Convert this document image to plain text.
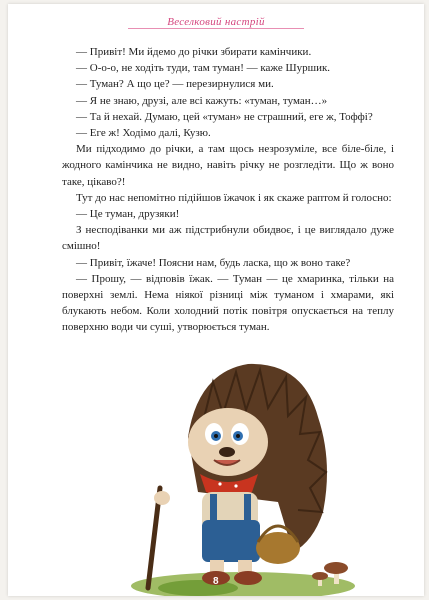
Веселковий настрій

— Привіт! Ми йдемо до річки збирати камінчики.

— О-о-о, не ходіть туди, там туман! — каже Шуршик.

— Туман? А що це? — перезирнулися ми.

— Я не знаю, друзі, але всі кажуть: «туман, туман…»

— Та й нехай. Думаю, цей «туман» не страшний, еге ж, Тоффі?

— Еге ж! Ходімо далі, Кузю.

Ми підходимо до річки, а там щось незрозуміле, все біле-біле, і жодного камінчика не видно, навіть річку не розгледіти. Що ж воно таке, цікаво?!

Тут до нас непомітно підійшов їжачок і як скаже раптом й голосно:

— Це туман, друзяки!

З несподіванки ми аж підстрибнули обидвоє, і це виглядало дуже смішно!

— Привіт, їжаче! Поясни нам, будь ласка, що ж воно таке?

— Прошу, — відповів їжак. — Туман — це хмаринка, тільки на поверхні землі. Нема ніякої різниці між туманом і хмарами, які блукають небом. Коли холодний потік повітря опускається на теплу поверхню води чи суші, утворюється туман.

8
